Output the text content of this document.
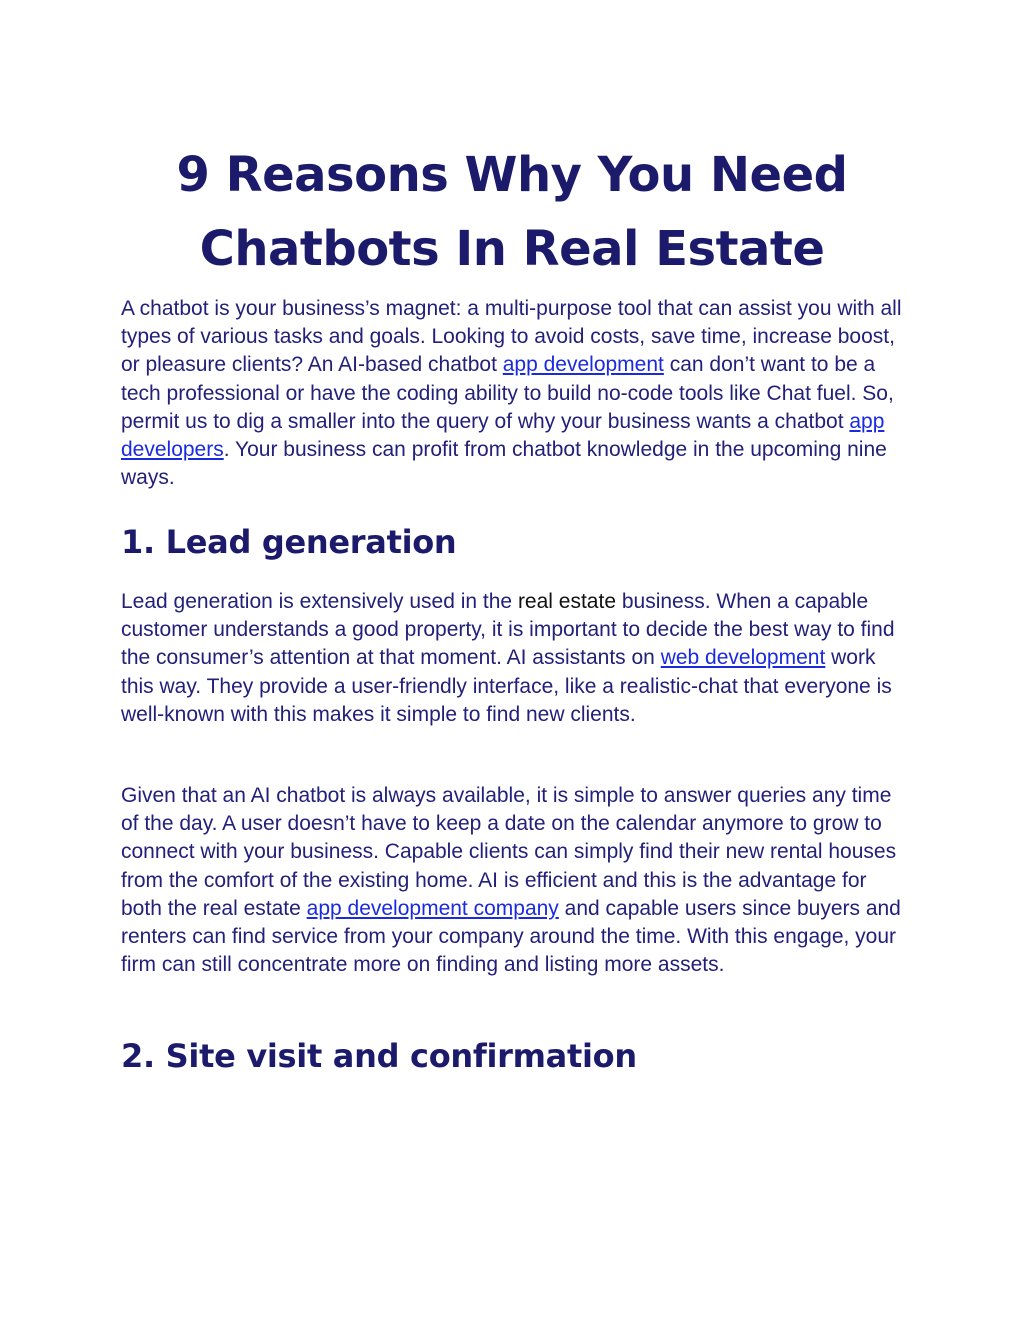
9 Reasons Why You Need
Chatbots In Real Estate

A chatbot is your business’s magnet: a multi-purpose tool that can assist you with all types of various tasks and goals. Looking to avoid costs, save time, increase boost, or pleasure clients? An AI-based chatbot app development can don’t want to be a tech professional or have the coding ability to build no-code tools like Chat fuel. So, permit us to dig a smaller into the query of why your business wants a chatbot app developers. Your business can profit from chatbot knowledge in the upcoming nine ways.

1. Lead generation

Lead generation is extensively used in the real estate business. When a capable customer understands a good property, it is important to decide the best way to find the consumer’s attention at that moment. AI assistants on web development work this way. They provide a user-friendly interface, like a realistic-chat that everyone is well-known with this makes it simple to find new clients.

Given that an AI chatbot is always available, it is simple to answer queries any time of the day. A user doesn’t have to keep a date on the calendar anymore to grow to connect with your business. Capable clients can simply find their new rental houses from the comfort of the existing home. AI is efficient and this is the advantage for both the real estate app development company and capable users since buyers and renters can find service from your company around the time. With this engage, your firm can still concentrate more on finding and listing more assets.

2. Site visit and confirmation
